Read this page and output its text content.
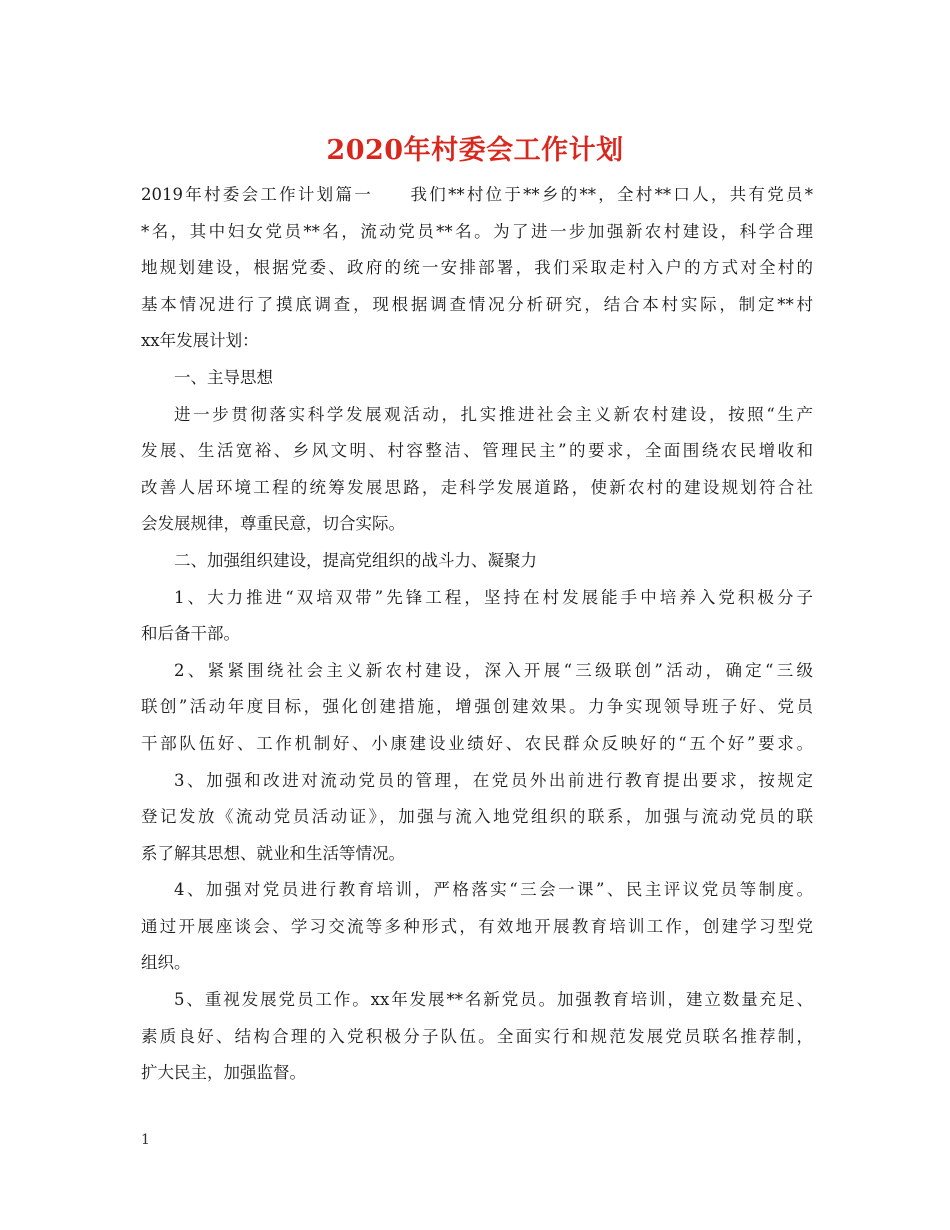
2020年村委会工作计划
2019年村委会工作计划篇一　　我们**村位于**乡的**，全村**口人，共有党员*
*名，其中妇女党员**名，流动党员**名。为了进一步加强新农村建设，科学合理
地规划建设，根据党委、政府的统一安排部署，我们采取走村入户的方式对全村的
基本情况进行了摸底调查，现根据调查情况分析研究，结合本村实际，制定**村
xx年发展计划：
一、主导思想
进一步贯彻落实科学发展观活动，扎实推进社会主义新农村建设，按照“生产
发展、生活宽裕、乡风文明、村容整洁、管理民主”的要求，全面围绕农民增收和
改善人居环境工程的统筹发展思路，走科学发展道路，使新农村的建设规划符合社
会发展规律，尊重民意，切合实际。
二、加强组织建设，提高党组织的战斗力、凝聚力
1、大力推进“双培双带”先锋工程，坚持在村发展能手中培养入党积极分子
和后备干部。
2、紧紧围绕社会主义新农村建设，深入开展“三级联创”活动，确定“三级
联创”活动年度目标，强化创建措施，增强创建效果。力争实现领导班子好、党员
干部队伍好、工作机制好、小康建设业绩好、农民群众反映好的“五个好”要求。
3、加强和改进对流动党员的管理，在党员外出前进行教育提出要求，按规定
登记发放《流动党员活动证》，加强与流入地党组织的联系，加强与流动党员的联
系了解其思想、就业和生活等情况。
4、加强对党员进行教育培训，严格落实“三会一课”、民主评议党员等制度。
通过开展座谈会、学习交流等多种形式，有效地开展教育培训工作，创建学习型党
组织。
5、重视发展党员工作。xx年发展**名新党员。加强教育培训，建立数量充足、
素质良好、结构合理的入党积极分子队伍。全面实行和规范发展党员联名推荐制，
扩大民主，加强监督。
1
